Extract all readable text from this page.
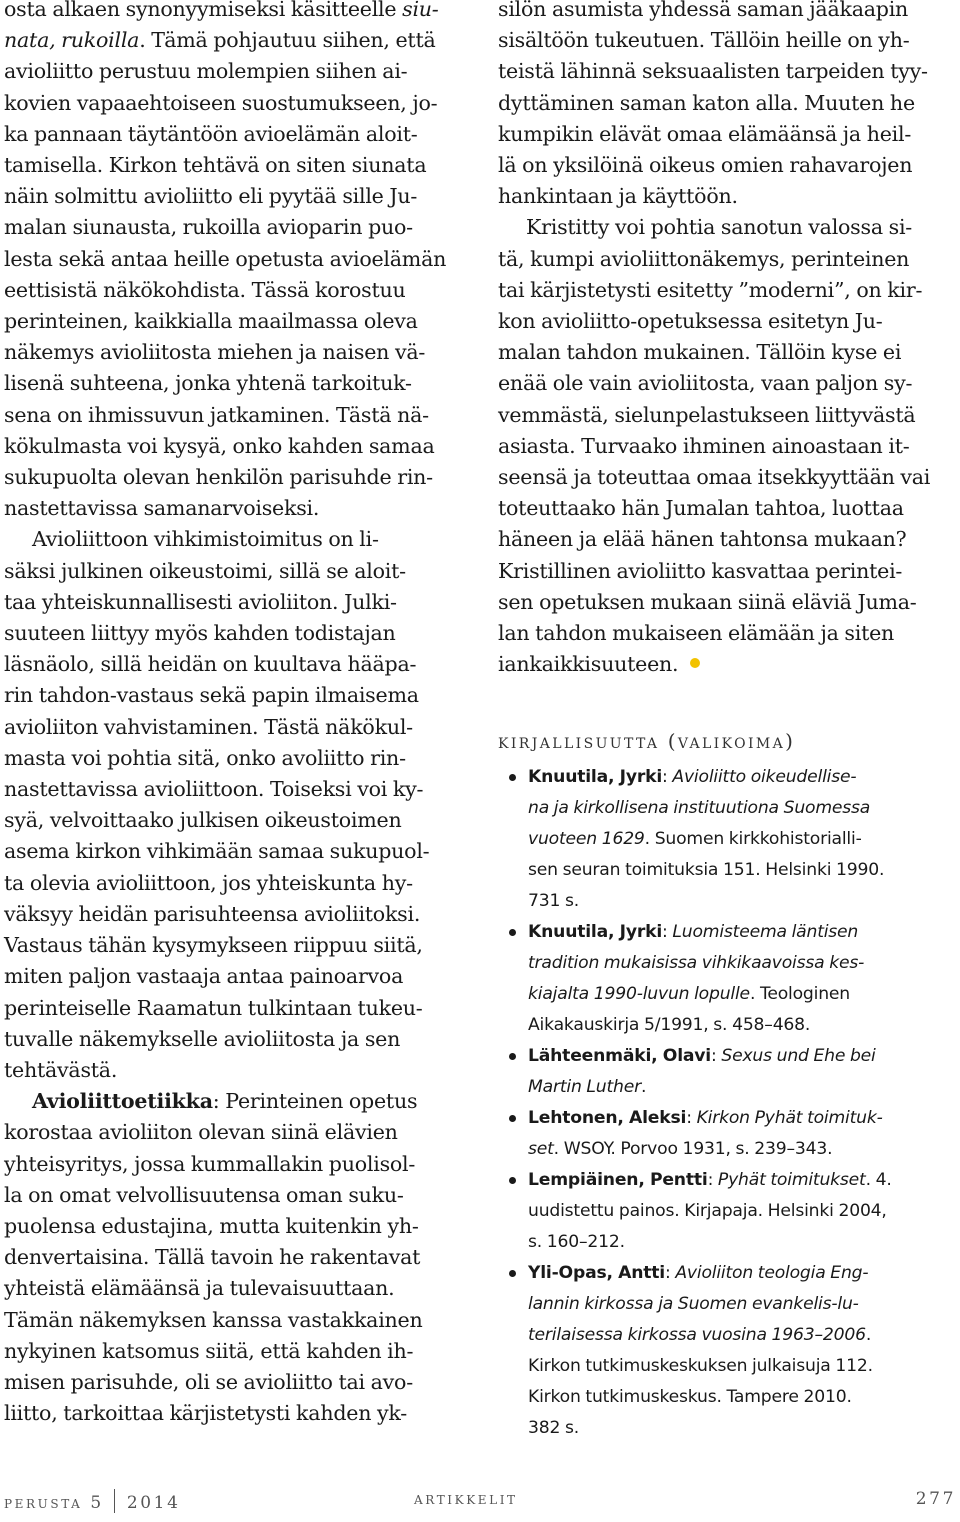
osta alkaen synonyymiseksi käsitteelle siu-
nata, rukoilla. Tämä pohjautuu siihen, että
avioliitto perustuu molempien siihen ai-
kovien vapaaehtoiseen suostumukseen, jo-
ka pannaan täytäntöön avioelämän aloit-
tamisella. Kirkon tehtävä on siten siunata
näin solmittu avioliitto eli pyytää sille Ju-
malan siunausta, rukoilla avioparin puo-
lesta sekä antaa heille opetusta avioelämän
eettisistä näkökohdista. Tässä korostuu
perinteinen, kaikkialla maailmassa oleva
näkemys avioliitosta miehen ja naisen vä-
lisenä suhteena, jonka yhtenä tarkoituk-
sena on ihmissuvun jatkaminen. Tästä nä-
kökulmasta voi kysyä, onko kahden samaa
sukupuolta olevan henkilön parisuhde rin-
nastettavissa samanarvoiseksi.

Avioliittoon vihkimistoimitus on li-
säksi julkinen oikeustoimi, sillä se aloit-
taa yhteiskunnallisesti avioliiton. Julki-
suuteen liittyy myös kahden todistajan
läsnäolo, sillä heidän on kuultava hääpa-
rin tahdon-vastaus sekä papin ilmaisema
avioliiton vahvistaminen. Tästä näkökul-
masta voi pohtia sitä, onko avoliitto rin-
nastettavissa avioliittoon. Toiseksi voi ky-
syä, velvoittaako julkisen oikeustoimen
asema kirkon vihkimään samaa sukupuol-
ta olevia avioliittoon, jos yhteiskunta hy-
väksyy heidän parisuhteensa avioliitoksi.
Vastaus tähän kysymykseen riippuu siitä,
miten paljon vastaaja antaa painoarvoa
perinteiselle Raamatun tulkintaan tukeu-
tuvalle näkemykselle avioliitosta ja sen
tehtävästä.

Avioliittoetiikka: Perinteinen opetus
korostaa avioliiton olevan siinä elävien
yhteisyritys, jossa kummallakin puolisol-
la on omat velvollisuutensa oman suku-
puolensa edustajina, mutta kuitenkin yh-
denvertaisina. Tällä tavoin he rakentavat
yhteistä elämäänsä ja tulevaisuuttaan.
Tämän näkemyksen kanssa vastakkainen
nykyinen katsomus siitä, että kahden ih-
misen parisuhde, oli se avioliitto tai avo-
liitto, tarkoittaa kärjistetysti kahden yk-

silön asumista yhdessä saman jääkaapin
sisältöön tukeutuen. Tällöin heille on yh-
teistä lähinnä seksuaalisten tarpeiden tyy-
dyttäminen saman katon alla. Muuten he
kumpikin elävät omaa elämäänsä ja heil-
lä on yksilöinä oikeus omien rahavarojen
hankintaan ja käyttöön.

Kristitty voi pohtia sanotun valossa si-
tä, kumpi avioliittonäkemys, perinteinen
tai kärjistetysti esitetty ”moderni”, on kir-
kon avioliitto-opetuksessa esitetyn Ju-
malan tahdon mukainen. Tällöin kyse ei
enää ole vain avioliitosta, vaan paljon sy-
vemmästä, sielunpelastukseen liittyvästä
asiasta. Turvaako ihminen ainoastaan it-
seensä ja toteuttaa omaa itsekkyyttään vai
toteuttaako hän Jumalan tahtoa, luottaa
häneen ja elää hänen tahtonsa mukaan?
Kristillinen avioliitto kasvattaa perintei-
sen opetuksen mukaan siinä eläviä Juma-
lan tahdon mukaiseen elämään ja siten
iankaikkisuuteen.

kirjallisuutta (valikoima)
Knuutila, Jyrki: Avioliitto oikeudellise-
na ja kirkollisena instituutiona Suomessa
vuoteen 1629. Suomen kirkkohistorialli-
sen seuran toimituksia 151. Helsinki 1990.
731 s.
Knuutila, Jyrki: Luomisteema läntisen
tradition mukaisissa vihkikaavoissa kes-
kiajalta 1990-luvun lopulle. Teologinen
Aikakauskirja 5/1991, s. 458–468.
Lähteenmäki, Olavi: Sexus und Ehe bei
Martin Luther.
Lehtonen, Aleksi: Kirkon Pyhät toimituk-
set. WSOY. Porvoo 1931, s. 239–343.
Lempiäinen, Pentti: Pyhät toimitukset. 4.
uudistettu painos. Kirjapaja. Helsinki 2004,
s. 160–212.
Yli-Opas, Antti: Avioliiton teologia Eng-
lannin kirkossa ja Suomen evankelis-lu-
terilaisessa kirkossa vuosina 1963–2006.
Kirkon tutkimuskeskuksen julkaisuja 112.
Kirkon tutkimuskeskus. Tampere 2010.
382 s.
perusta 5 2014	artikkelit	277
